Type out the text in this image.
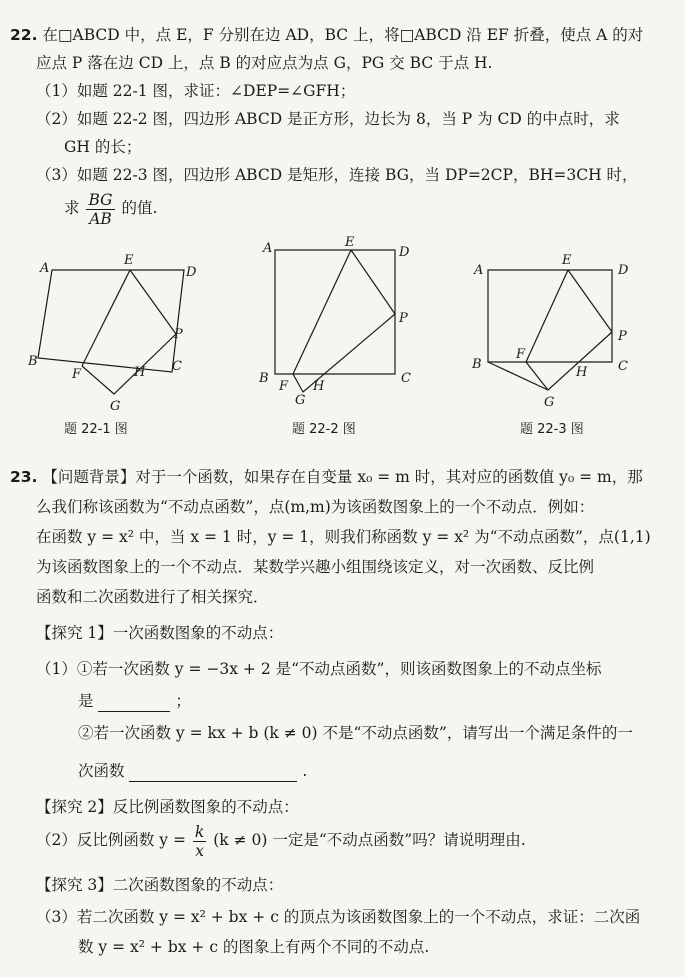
22. 在□ABCD 中，点 E，F 分别在边 AD，BC 上，将□ABCD 沿 EF 折叠，使点 A 的对
应点 P 落在边 CD 上，点 B 的对应点为点 G，PG 交 BC 于点 H.
（1）如题 22-1 图，求证：∠DEP=∠GFH；
（2）如题 22-2 图，四边形 ABCD 是正方形，边长为 8，当 P 为 CD 的中点时，求
GH 的长；
（3）如题 22-3 图，四边形 ABCD 是矩形，连接 BG，当 DP=2CP，BH=3CH 时，
求 $\frac{BG}{AB}$ 的值.
A
E
D
P
B
F	H C
G
A	E
D
P
B
F
G
H
C
A
E
D
P
B
F
H C
G
题 22-1 图	题 22-2 图	题 22-3 图
23. 【问题背景】对于一个函数，如果存在自变量 x₀ = m 时，其对应的函数值 y₀ = m，那
么我们称该函数为“不动点函数”，点(m,m)为该函数图象上的一个不动点．例如：
在函数 y = x² 中，当 x = 1 时，y = 1，则我们称函数 y = x² 为“不动点函数”，点(1,1)
为该函数图象上的一个不动点．某数学兴趣小组围绕该定义，对一次函数、反比例
函数和二次函数进行了相关探究．
【探究 1】一次函数图象的不动点：
（1）①若一次函数 y = −3x + 2 是“不动点函数”，则该函数图象上的不动点坐标
是	；
②若一次函数 y = kx + b (k ≠ 0) 不是“不动点函数”，请写出一个满足条件的一
次函数	.
【探究 2】反比例函数图象的不动点：
（2）反比例函数 $y = \frac{k}{x} (k \ne 0)$ 一定是“不动点函数”吗？请说明理由.
【探究 3】二次函数图象的不动点：
（3）若二次函数 y = x² + bx + c 的顶点为该函数图象上的一个不动点，求证：二次函
数 y = x² + bx + c 的图象上有两个不同的不动点.
